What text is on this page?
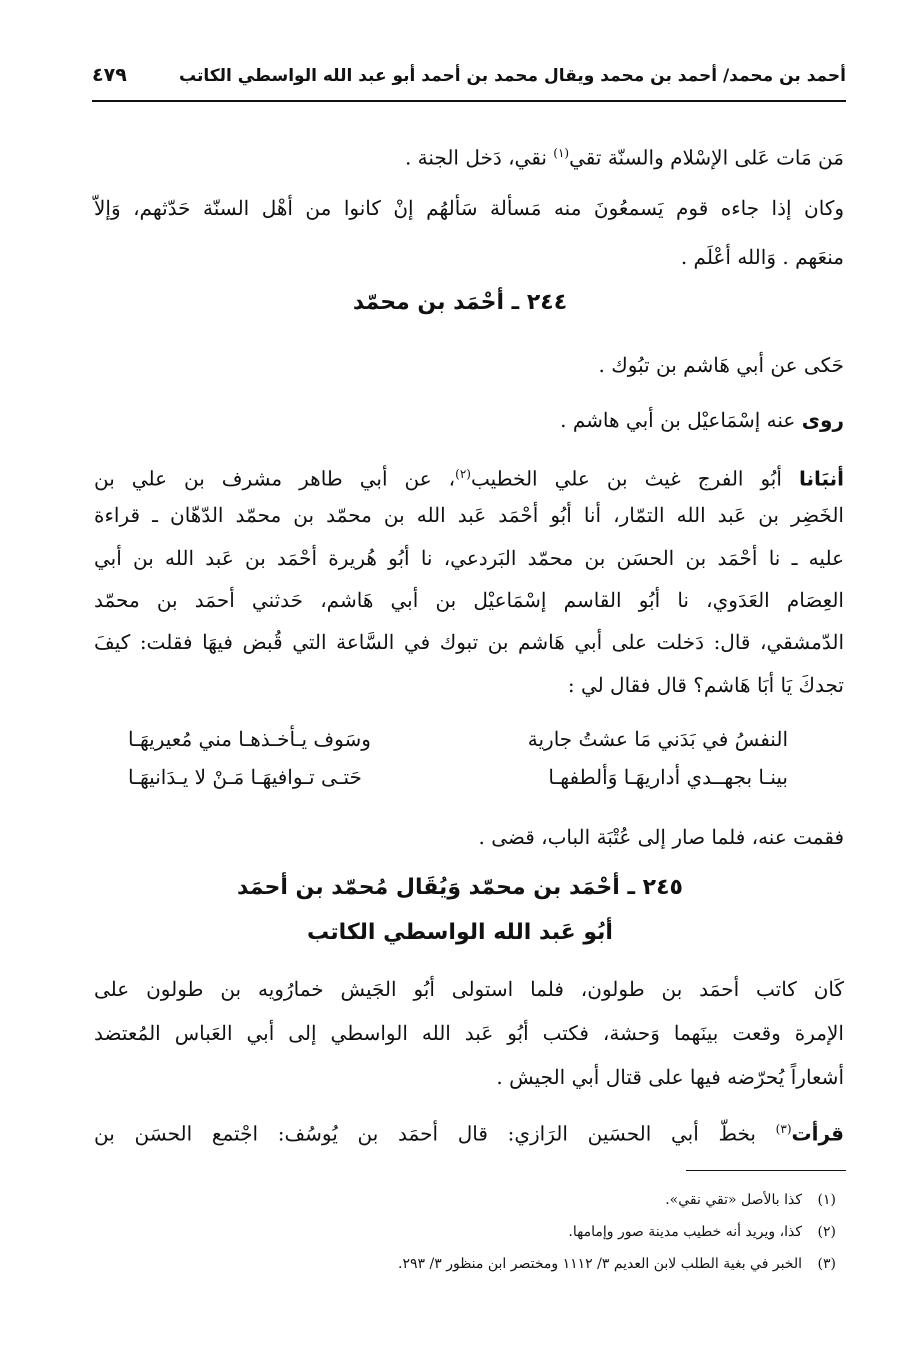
أحمد بن محمد/ أحمد بن محمد ويقال محمد بن أحمد أبو عبد الله الواسطي الكاتب
٤٧٩
مَن مَات عَلى الإسْلام والسنّة تقي$^{(١)}$ نقي، دَخل الجنة .
وكان إذا جاءه قوم يَسمعُونَ منه مَسألة سَألهُم إنْ كانوا من أهْل السنّة حَدّثهم، وَإلاّ
منعَهم . وَالله أعْلَم .
٢٤٤ ـ أحْمَد بن محمّد
حَكى عن أبي هَاشم بن تبُوك .
روى عنه إسْمَاعيْل بن أبي هاشم .
أنبَانا أبُو الفرج غيث بن علي الخطيب$^{(٢)}$، عن أبي طاهر مشرف بن علي بن
الخَضِر بن عَبد الله التمّار، أنا أبُو أحْمَد عَبد الله بن محمّد بن محمّد الدّهّان ـ قراءة
عليه ـ نا أحْمَد بن الحسَن بن محمّد البَردعي، نا أبُو هُريرة أحْمَد بن عَبد الله بن أبي
العِصَام العَدَوي، نا أبُو القاسم إسْمَاعيْل بن أبي هَاشم، حَدثني أحمَد بن محمّد
الدّمشقي، قال: دَخلت على أبي هَاشم بن تبوك في السَّاعة التي قُبض فيهَا فقلت: كيفَ
تجدكَ يَا أبَا هَاشم؟ قال فقال لي :
النفسُ في بَدَني مَا عشتُ جارية
وسَوف يـأخـذهـا مني مُعيريهَـا
بينـا بجهــدي أداريهَـا وَألطفهـا
حَتـى تـوافيهَـا مَـنْ لا يـدَانيهَـا
فقمت عنه، فلما صار إلى عُتْبَة الباب، قضى .
٢٤٥ ـ أحْمَد بن محمّد وَيُقَال مُحمّد بن أحمَد
أبُو عَبد الله الواسطي الكاتب
كَان كاتب أحمَد بن طولون، فلما استولى أبُو الجَيش خمارُويه بن طولون على
الإمرة وقعت بينَهما وَحشة، فكتب أبُو عَبد الله الواسطي إلى أبي العَباس المُعتضد
أشعاراً يُحرّضه فيها على قتال أبي الجيش .
قرأت$^{(٣)}$ بخطّ أبي الحسَين الرَازي: قال أحمَد بن يُوسُف: اجْتمع الحسَن بن
(١)كذا بالأصل «تقي نقي».
(٢)كذا، ويريد أنه خطيب مدينة صور وإمامها.
(٣)الخبر في بغية الطلب لابن العديم ٣/ ١١١٢ ومختصر ابن منظور ٣/ ٢٩٣.
